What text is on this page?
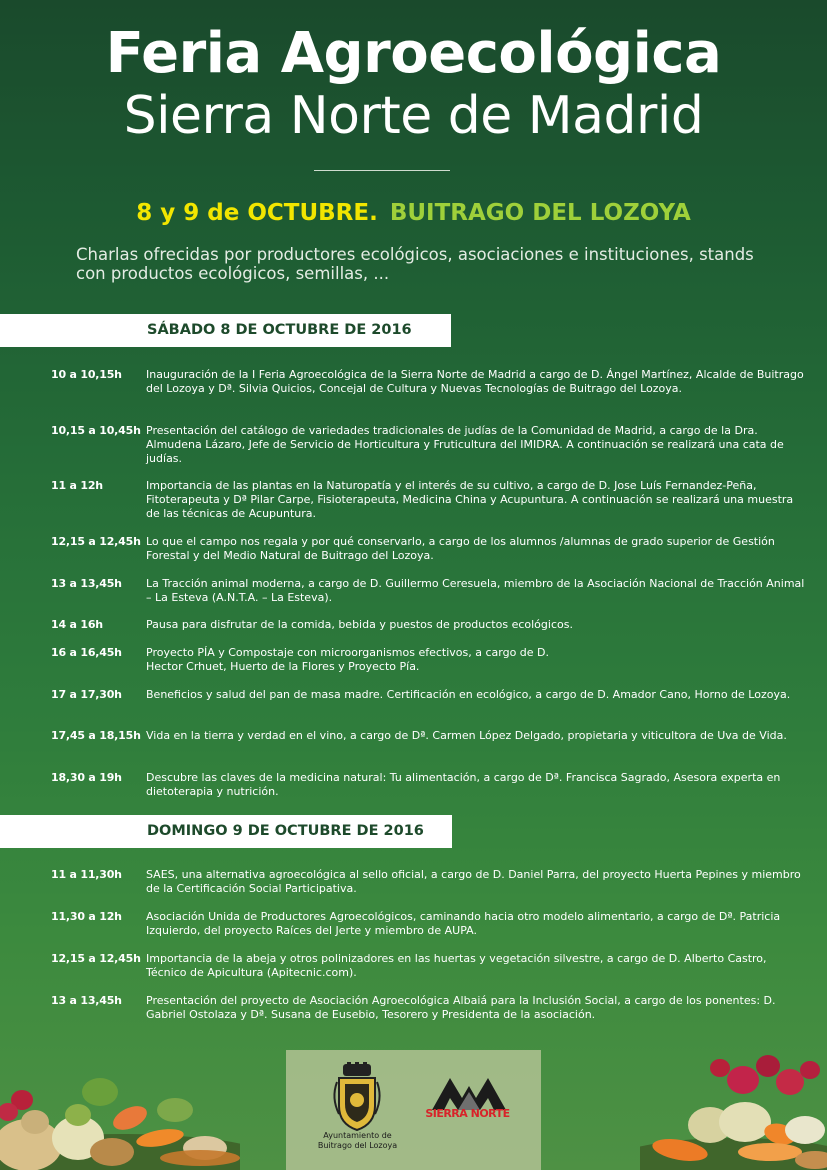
Feria Agroecológica
Sierra Norte de Madrid
8 y 9 de OCTUBRE. BUITRAGO DEL LOZOYA
Charlas ofrecidas por productores ecológicos, asociaciones e instituciones, stands con productos ecológicos, semillas, ...
SÁBADO 8 DE OCTUBRE DE 2016
10 a 10,15h	Inauguración de la I Feria Agroecológica de la Sierra Norte de Madrid a cargo de D. Ángel Martínez, Alcalde de Buitrago del Lozoya y Dª. Silvia Quicios, Concejal de Cultura y Nuevas Tecnologías de Buitrago del Lozoya.
10,15 a 10,45h Presentación del catálogo de variedades tradicionales de judías de la Comunidad de Madrid, a cargo de la Dra. Almudena Lázaro, Jefe de Servicio de Horticultura y Fruticultura del IMIDRA. A continuación se realizará una cata de judías.
11 a 12h	Importancia de las plantas en la Naturopatía y el interés de su cultivo, a cargo de D. Jose Luís Fernandez-Peña, Fitoterapeuta y Dª Pilar Carpe, Fisioterapeuta, Medicina China y Acupuntura. A continuación se realizará una muestra de las técnicas de Acupuntura.
12,15 a 12,45h Lo que el campo nos regala y por qué conservarlo, a cargo de los alumnos /alumnas de grado superior de Gestión Forestal y del Medio Natural de Buitrago del Lozoya.
13 a 13,45h	La Tracción animal moderna, a cargo de D. Guillermo Ceresuela, miembro de la Asociación Nacional de Tracción Animal – La Esteva (A.N.T.A. – La Esteva).
14 a 16h	Pausa para disfrutar de la comida, bebida y puestos de productos ecológicos.
16 a 16,45h	Proyecto PÍA y Compostaje con microorganismos efectivos, a cargo de D. Hector Crhuet, Huerto de la Flores y Proyecto Pía.
17 a 17,30h	Beneficios y salud del pan de masa madre. Certificación en ecológico, a cargo de D. Amador Cano, Horno de Lozoya.
17,45 a 18,15h Vida en la tierra y verdad en el vino, a cargo de Dª. Carmen López Delgado, propietaria y viticultora de Uva de Vida.
18,30 a 19h	Descubre las claves de la medicina natural: Tu alimentación, a cargo de Dª. Francisca Sagrado, Asesora experta en dietoterapia y nutrición.
DOMINGO 9 DE OCTUBRE DE 2016
11 a 11,30h	SAES, una alternativa agroecológica al sello oficial, a cargo de D. Daniel Parra, del proyecto Huerta Pepines y miembro de la Certificación Social Participativa.
11,30 a 12h	Asociación Unida de Productores Agroecológicos, caminando hacia otro modelo alimentario, a cargo de Dª. Patricia Izquierdo, del proyecto Raíces del Jerte y miembro de AUPA.
12,15 a 12,45h Importancia de la abeja y otros polinizadores en las huertas y vegetación silvestre, a cargo de D. Alberto Castro, Técnico de Apicultura (Apitecnic.com).
13 a 13,45h	Presentación del proyecto de Asociación Agroecológica Albaiá para la Inclusión Social, a cargo de los ponentes: D. Gabriel Ostolaza y Dª. Susana de Eusebio, Tesorero y Presidenta de la asociación.
Ayuntamiento de
Buitrago del Lozoya
SIERRA NORTE
